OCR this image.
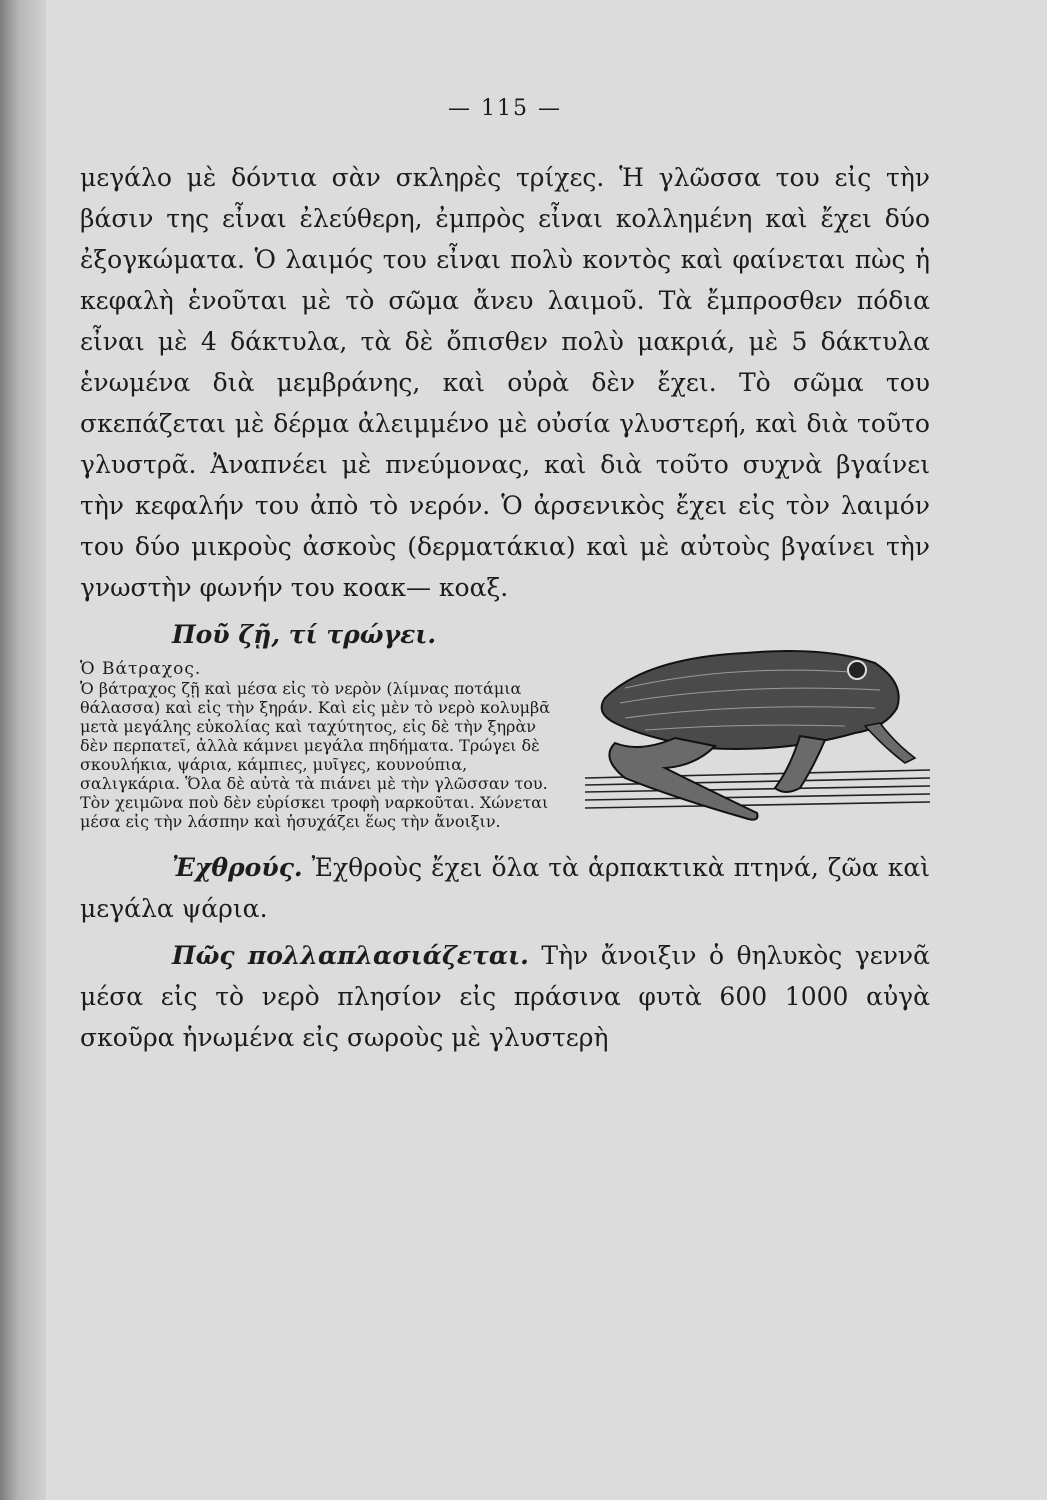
— 115 —

μεγάλο μὲ δόντια σὰν σκληρὲς τρίχες. Ἡ γλῶσσα του εἰς τὴν βάσιν της εἶναι ἐλεύθερη, ἐμπρὸς εἶναι κολλημένη καὶ ἔχει δύο ἐξογκώματα. Ὁ λαιμός του εἶναι πολὺ κοντὸς καὶ φαίνεται πὼς ἡ κεφαλὴ ἑνοῦται μὲ τὸ σῶμα ἄνευ λαιμοῦ. Τὰ ἔμπροσθεν πόδια εἶναι μὲ 4 δάκτυλα, τὰ δὲ ὄπισθεν πολὺ μακριά, μὲ 5 δάκτυλα ἑνωμένα διὰ μεμβράνης, καὶ οὐρὰ δὲν ἔχει. Τὸ σῶμα του σκεπάζεται μὲ δέρμα ἀλειμμένο μὲ οὐσία γλυστερή, καὶ διὰ τοῦτο γλυστρᾶ. Ἀναπνέει μὲ πνεύμονας, καὶ διὰ τοῦτο συχνὰ βγαίνει τὴν κεφαλήν του ἀπὸ τὸ νερόν. Ὁ ἀρσενικὸς ἔχει εἰς τὸν λαιμόν του δύο μικροὺς ἀσκοὺς (δερματάκια) καὶ μὲ αὐτοὺς βγαίνει τὴν γνωστὴν φωνήν του κοακ— κοαξ.

Ποῦ ζῇ, τί τρώγει.

Ὁ Βάτραχος.
Ὁ βάτραχος ζῇ καὶ μέσα εἰς τὸ νερὸν (λίμνας ποτάμια θάλασσα) καὶ εἰς τὴν ξηράν. Καὶ εἰς μὲν τὸ νερὸ κολυμβᾶ μετὰ μεγάλης εὐκολίας καὶ ταχύτητος, εἰς δὲ τὴν ξηρὰν δὲν περπατεῖ, ἀλλὰ κάμνει μεγάλα πηδήματα. Τρώγει δὲ σκουλήκια, ψάρια, κάμπιες, μυῖγες, κουνούπια, σαλιγκάρια. Ὅλα δὲ αὐτὰ τὰ πιάνει μὲ τὴν γλῶσσαν του. Τὸν χειμῶνα ποὺ δὲν εὑρίσκει τροφὴ ναρκοῦται. Χώνεται μέσα εἰς τὴν λάσπην καὶ ἡσυχάζει ἕως τὴν ἄνοιξιν.

Ἐχθρούς. Ἐχθροὺς ἔχει ὅλα τὰ ἁρπακτικὰ πτηνά, ζῶα καὶ μεγάλα ψάρια.

Πῶς πολλαπλασιάζεται. Τὴν ἄνοιξιν ὁ θηλυκὸς γεννᾶ μέσα εἰς τὸ νερὸ πλησίον εἰς πράσινα φυτὰ 600 1000 αὐγὰ σκοῦρα ἡνωμένα εἰς σωροὺς μὲ γλυστερὴ
